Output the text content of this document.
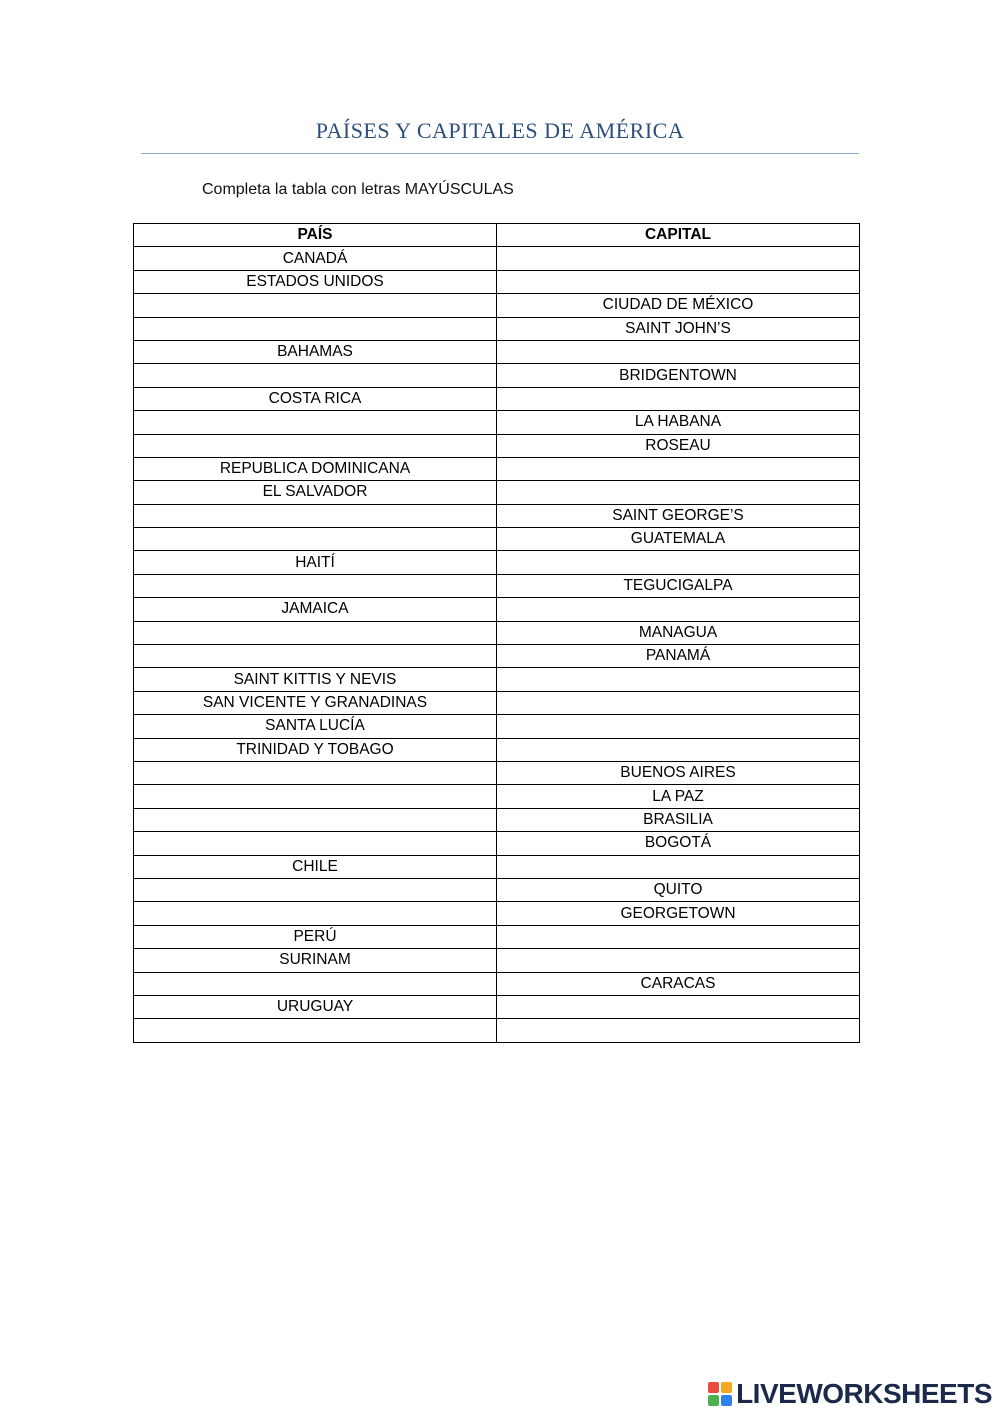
PAÍSES Y CAPITALES DE AMÉRICA
Completa la tabla con letras MAYÚSCULAS
PAÍS	CAPITAL
CANADÁ	
ESTADOS UNIDOS	
	CIUDAD DE MÉXICO
	SAINT JOHN’S
BAHAMAS	
	BRIDGENTOWN
COSTA RICA	
	LA HABANA
	ROSEAU
REPUBLICA DOMINICANA	
EL SALVADOR	
	SAINT GEORGE’S
	GUATEMALA
HAITÍ	
	TEGUCIGALPA
JAMAICA	
	MANAGUA
	PANAMÁ
SAINT KITTIS Y NEVIS	
SAN VICENTE Y GRANADINAS	
SANTA LUCÍA	
TRINIDAD Y TOBAGO	
	BUENOS AIRES
	LA PAZ
	BRASILIA
	BOGOTÁ
CHILE	
	QUITO
	GEORGETOWN
PERÚ	
SURINAM	
	CARACAS
URUGUAY	

LIVEWORKSHEETS
